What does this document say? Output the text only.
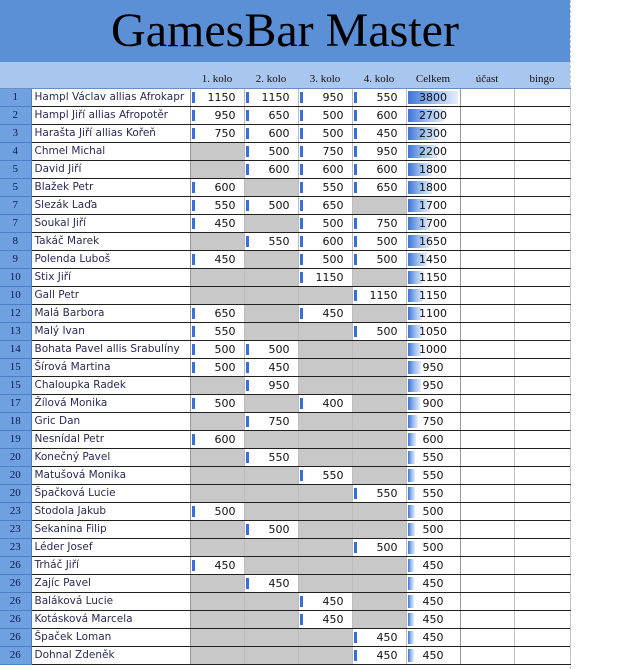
GamesBar Master
		1. kolo	2. kolo	3. kolo	4. kolo	Celkem	účast	bingo
1	Hampl Václav allias Afrokapr	1150	1150	950	550	3800		
2	Hampl Jiří allias Afropotěr	950	650	500	600	2700		
3	Harašta Jiří allias Kořeň	750	600	500	450	2300		
4	Chmel Michal		500	750	950	2200		
5	David Jiří		600	600	600	1800		
5	Blažek Petr	600		550	650	1800		
7	Slezák Laďa	550	500	650		1700		
7	Soukal Jiří	450		500	750	1700		
8	Takáč Marek		550	600	500	1650		
9	Polenda Luboš	450		500	500	1450		
10	Stix Jiří			1150		1150		
10	Gall Petr				1150	1150		
12	Malá Barbora	650		450		1100		
13	Malý Ivan	550			500	1050		
14	Bohata Pavel allis Srabulíny	500	500			1000		
15	Šírová Martina	500	450			950		
15	Chaloupka Radek		950			950		
17	Žílová Monika	500		400		900		
18	Gric Dan		750			750		
19	Nesnídal Petr	600				600		
20	Konečný Pavel		550			550		
20	Matušová Monika			550		550		
20	Špačková Lucie				550	550		
23	Stodola Jakub	500				500		
23	Sekanina Filip		500			500		
23	Léder Josef				500	500		
26	Trháč Jiří	450				450		
26	Zajíc Pavel		450			450		
26	Baláková Lucie			450		450		
26	Kotásková Marcela			450		450		
26	Špaček Loman				450	450		
26	Dohnal Zdeněk				450	450		
